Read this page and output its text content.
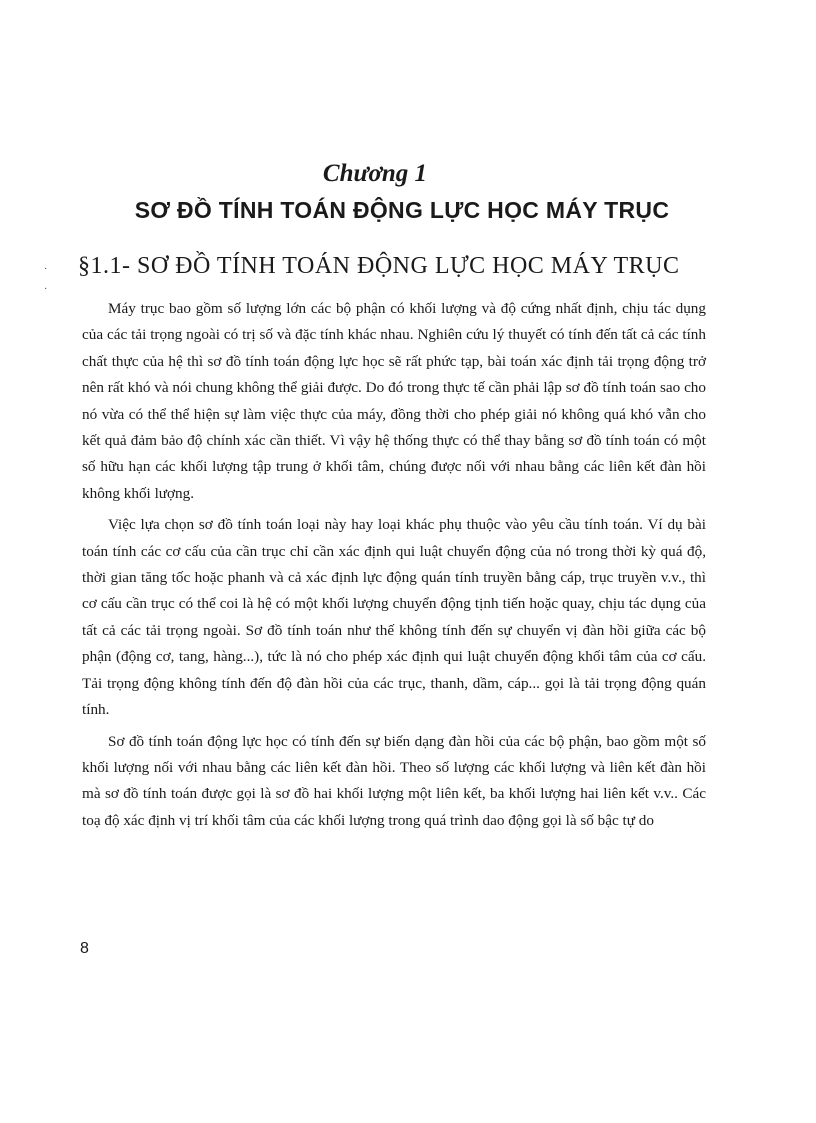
·
·
Chương 1
SƠ ĐỒ TÍNH TOÁN ĐỘNG LỰC HỌC MÁY TRỤC
§1.1- SƠ ĐỒ TÍNH TOÁN ĐỘNG LỰC HỌC MÁY TRỤC

Máy trục bao gồm số lượng lớn các bộ phận có khối lượng và độ cứng nhất định, chịu tác dụng của các tải trọng ngoài có trị số và đặc tính khác nhau. Nghiên cứu lý thuyết có tính đến tất cả các tính chất thực của hệ thì sơ đồ tính toán động lực học sẽ rất phức tạp, bài toán xác định tải trọng động trở nên rất khó và nói chung không thể giải được. Do đó trong thực tế cần phải lập sơ đồ tính toán sao cho nó vừa có thể thể hiện sự làm việc thực của máy, đồng thời cho phép giải nó không quá khó vẫn cho kết quả đảm bảo độ chính xác cần thiết. Vì vậy hệ thống thực có thể thay bằng sơ đồ tính toán có một số hữu hạn các khối lượng tập trung ở khối tâm, chúng được nối với nhau bằng các liên kết đàn hồi không khối lượng.

Việc lựa chọn sơ đồ tính toán loại này hay loại khác phụ thuộc vào yêu cầu tính toán. Ví dụ bài toán tính các cơ cấu của cần trục chỉ cần xác định qui luật chuyển động của nó trong thời kỳ quá độ, thời gian tăng tốc hoặc phanh và cả xác định lực động quán tính truyền bằng cáp, trục truyền v.v., thì cơ cấu cần trục có thể coi là hệ có một khối lượng chuyển động tịnh tiến hoặc quay, chịu tác dụng của tất cả các tải trọng ngoài. Sơ đồ tính toán như thế không tính đến sự chuyển vị đàn hồi giữa các bộ phận (động cơ, tang, hàng...), tức là nó cho phép xác định qui luật chuyển động khối tâm của cơ cấu. Tải trọng động không tính đến độ đàn hồi của các trục, thanh, dầm, cáp... gọi là tải trọng động quán tính.

Sơ đồ tính toán động lực học có tính đến sự biến dạng đàn hồi của các bộ phận, bao gồm một số khối lượng nối với nhau bằng các liên kết đàn hồi. Theo số lượng các khối lượng và liên kết đàn hồi mà sơ đồ tính toán được gọi là sơ đồ hai khối lượng một liên kết, ba khối lượng hai liên kết v.v.. Các toạ độ xác định vị trí khối tâm của các khối lượng trong quá trình dao động gọi là số bậc tự do

8
